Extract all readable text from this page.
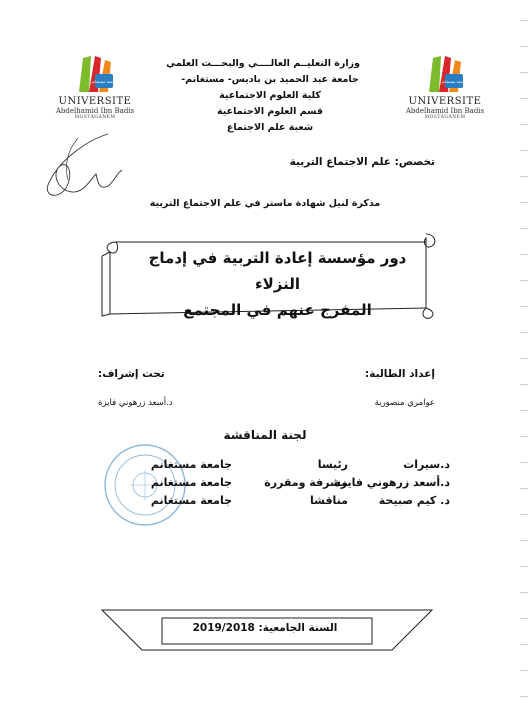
جامعة مستغانم
UNIVERSITE
Abdelhamid Ibn Badis
MOSTAGANEM
جامعة مستغانم
UNIVERSITE
Abdelhamid Ibn Badis
MOSTAGANEM
وزارة التعليــم العالــــي والبحـــث العلمي
جامعة عبد الحميد بن باديس- مستغانم-
كلية العلوم الاجتماعية
قسم العلوم الاجتماعية
شعبة علم الاجتماع
تخصص: علم الاجتماع التربية
مذكرة لنيل شهادة ماستر في علم الاجتماع التربية
دور مؤسسة إعادة التربية في إدماج النزلاء
المفرج عنهم في المجتمع
إعداد الطالبة:
عوامري منصورية
تحت إشراف:
د.أسعد زرهوني فايزة
لجنة المناقشة
د.سيرات
رئيسا
جامعة مستغانم
د.أسعد زرهوني فايزة
مشرفة ومقررة
جامعة مستغانم
د. كيم صبيحة
مناقشا
جامعة مستغانم
السنة الجامعية: 2019/2018
